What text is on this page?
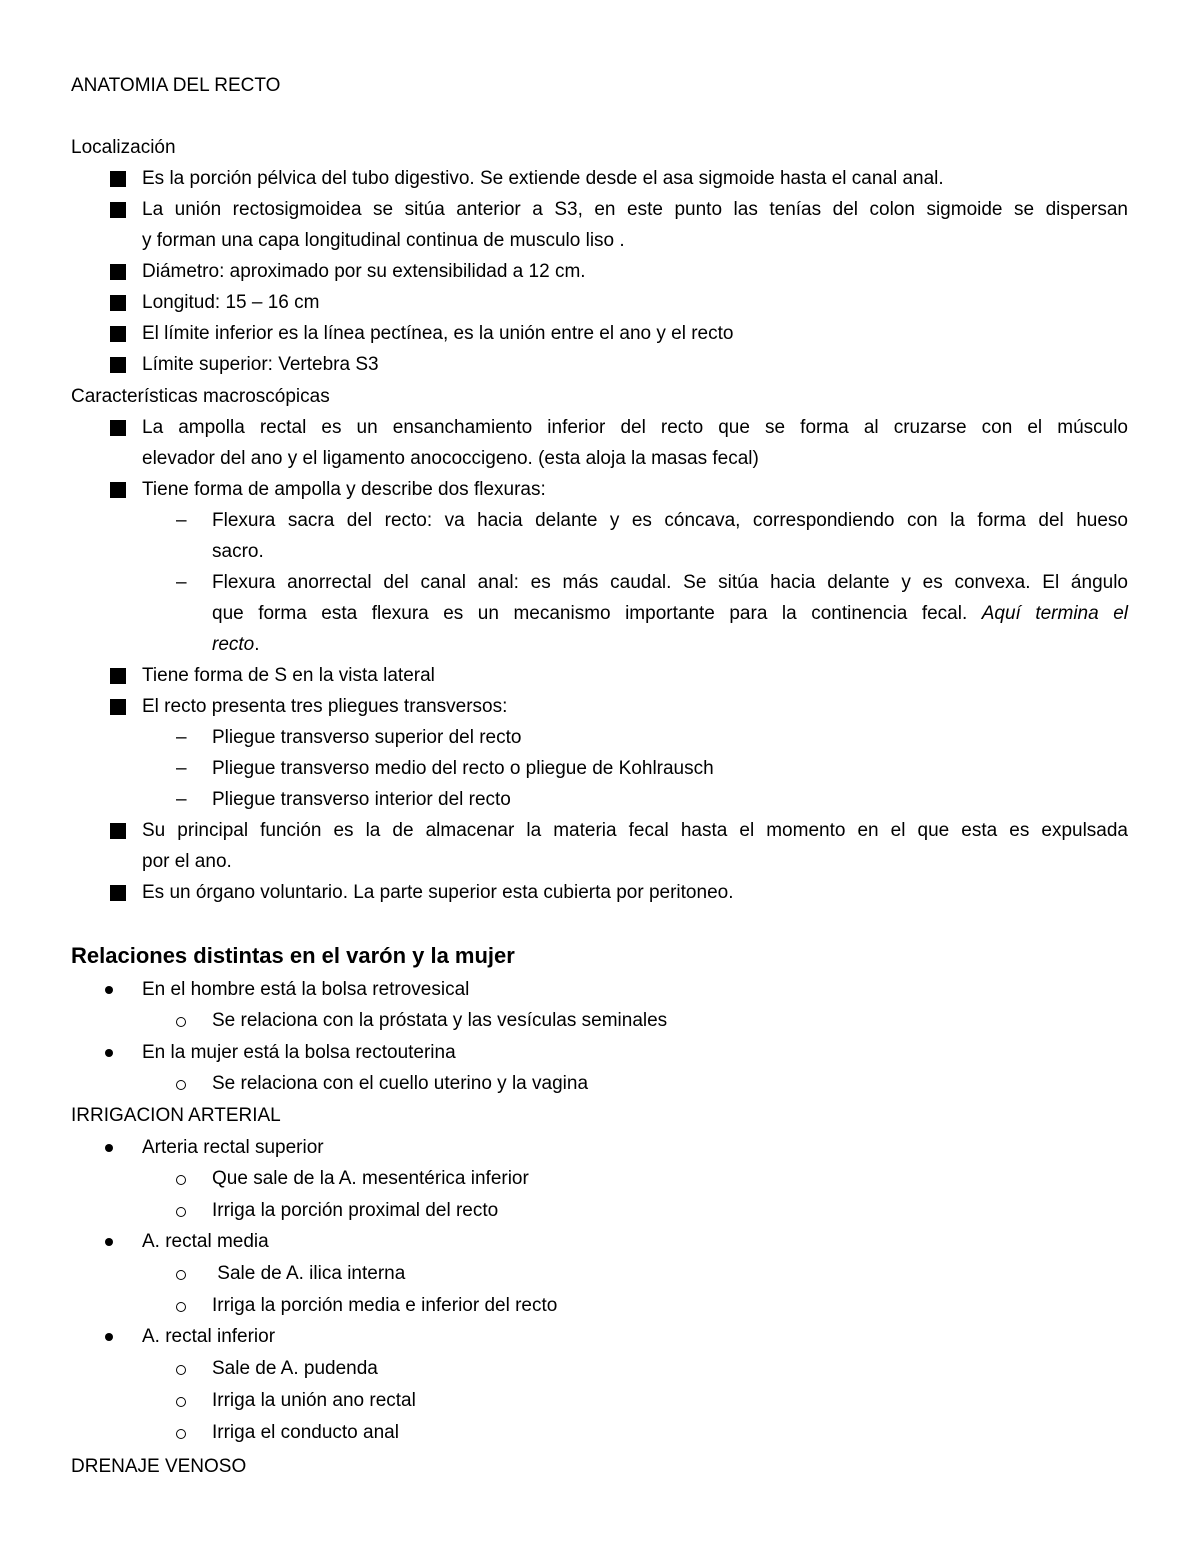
ANATOMIA DEL RECTO
Localización
Es la porción pélvica del tubo digestivo. Se extiende desde el asa sigmoide hasta el canal anal.
La unión rectosigmoidea se sitúa anterior a S3, en este punto las tenías del colon sigmoide se dispersan
y forman una capa longitudinal continua de musculo liso .
Diámetro: aproximado por su extensibilidad a 12 cm.
Longitud: 15 – 16 cm
El límite inferior es la línea pectínea, es la unión entre el ano y el recto
Límite superior: Vertebra S3
Características macroscópicas
La ampolla rectal es un ensanchamiento inferior del recto que se forma al cruzarse con el músculo
elevador del ano y el ligamento anococcigeno. (esta aloja la masas fecal)
Tiene forma de ampolla y describe dos flexuras:
– Flexura sacra del recto: va hacia delante y es cóncava, correspondiendo con la forma del hueso
sacro.
– Flexura anorrectal del canal anal: es más caudal. Se sitúa hacia delante y es convexa. El ángulo
que forma esta flexura es un mecanismo importante para la continencia fecal. Aquí termina el
recto.
Tiene forma de S en la vista lateral
El recto presenta tres pliegues transversos:
– Pliegue transverso superior del recto
– Pliegue transverso medio del recto o pliegue de Kohlrausch
– Pliegue transverso interior del recto
Su principal función es la de almacenar la materia fecal hasta el momento en el que esta es expulsada
por el ano.
Es un órgano voluntario. La parte superior esta cubierta por peritoneo.
Relaciones distintas en el varón y la mujer
En el hombre está la bolsa retrovesical
Se relaciona con la próstata y las vesículas seminales
En la mujer está la bolsa rectouterina
Se relaciona con el cuello uterino y la vagina
IRRIGACION ARTERIAL
Arteria rectal superior
Que sale de la A. mesentérica inferior
Irriga la porción proximal del recto
A. rectal media
Sale de A. ilica interna
Irriga la porción media e inferior del recto
A. rectal inferior
Sale de A. pudenda
Irriga la unión ano rectal
Irriga el conducto anal
DRENAJE VENOSO
